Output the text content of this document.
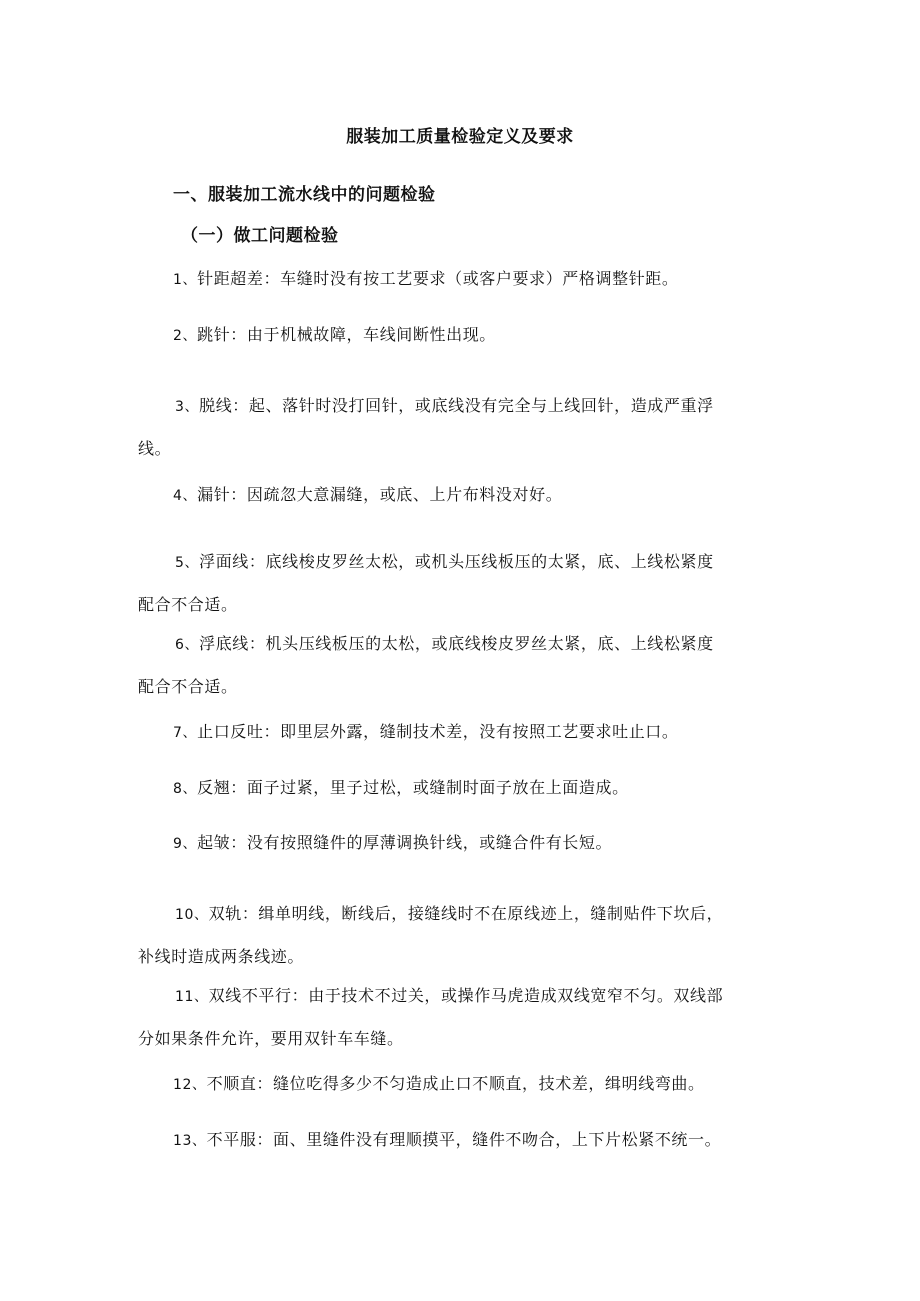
服装加工质量检验定义及要求
一、服装加工流水线中的问题检验
（一）做工问题检验
1、针距超差：车缝时没有按工艺要求（或客户要求）严格调整针距。
2、跳针：由于机械故障，车线间断性出现。
3、脱线：起、落针时没打回针，或底线没有完全与上线回针，造成严重浮
线。
4、漏针：因疏忽大意漏缝，或底、上片布料没对好。
5、浮面线：底线梭皮罗丝太松，或机头压线板压的太紧，底、上线松紧度
配合不合适。
6、浮底线：机头压线板压的太松，或底线梭皮罗丝太紧，底、上线松紧度
配合不合适。
7、止口反吐：即里层外露，缝制技术差，没有按照工艺要求吐止口。
8、反翘：面子过紧，里子过松，或缝制时面子放在上面造成。
9、起皱：没有按照缝件的厚薄调换针线，或缝合件有长短。
10、双轨：缉单明线，断线后，接缝线时不在原线迹上，缝制贴件下坎后，
补线时造成两条线迹。
11、双线不平行：由于技术不过关，或操作马虎造成双线宽窄不匀。双线部
分如果条件允许，要用双针车车缝。
12、不顺直：缝位吃得多少不匀造成止口不顺直，技术差，缉明线弯曲。
13、不平服：面、里缝件没有理顺摸平，缝件不吻合，上下片松紧不统一。
